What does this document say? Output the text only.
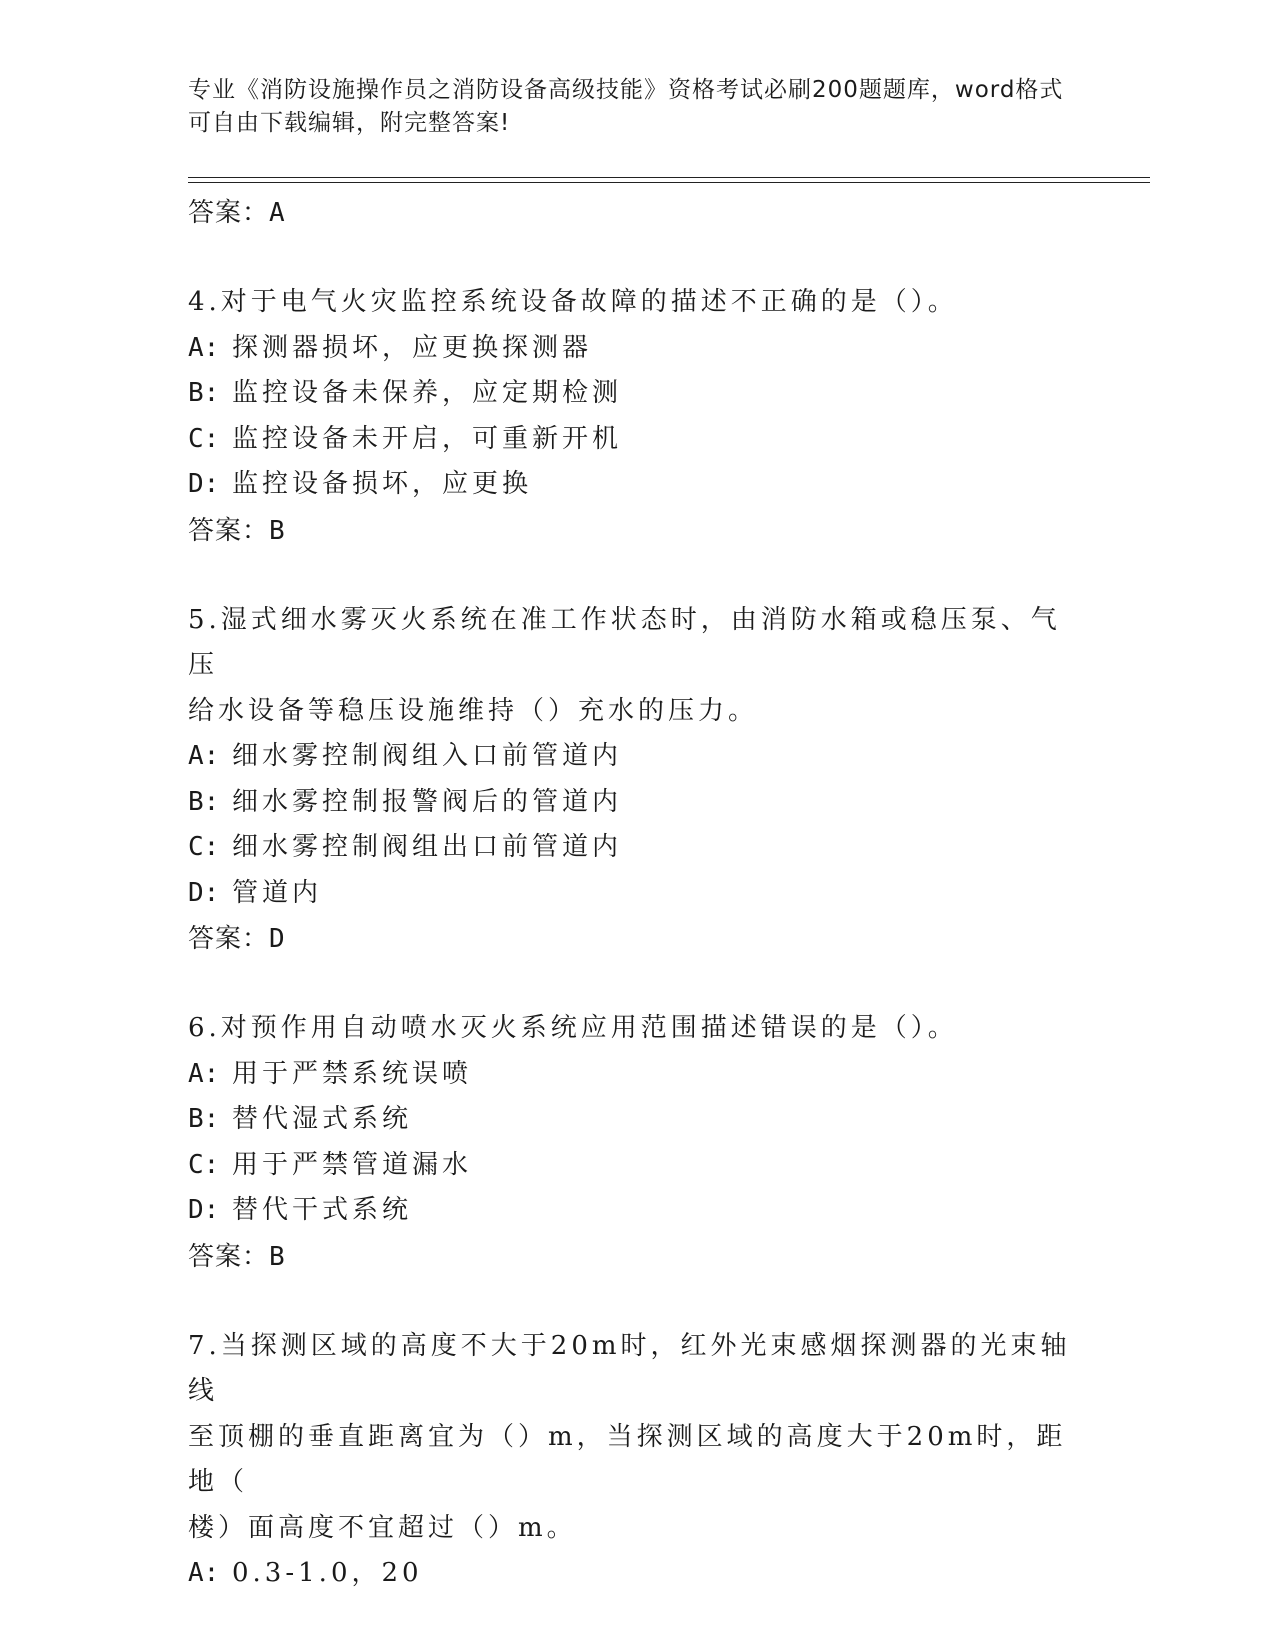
专业《消防设施操作员之消防设备高级技能》资格考试必刷200题题库，word格式可自由下载编辑，附完整答案!
答案：A
4.对于电气火灾监控系统设备故障的描述不正确的是（）。
A: 探测器损坏，应更换探测器
B: 监控设备未保养，应定期检测
C: 监控设备未开启，可重新开机
D: 监控设备损坏，应更换
答案：B
5.湿式细水雾灭火系统在准工作状态时，由消防水箱或稳压泵、气压
给水设备等稳压设施维持（）充水的压力。
A: 细水雾控制阀组入口前管道内
B: 细水雾控制报警阀后的管道内
C: 细水雾控制阀组出口前管道内
D: 管道内
答案：D
6.对预作用自动喷水灭火系统应用范围描述错误的是（）。
A: 用于严禁系统误喷
B: 替代湿式系统
C: 用于严禁管道漏水
D: 替代干式系统
答案：B
7.当探测区域的高度不大于20m时，红外光束感烟探测器的光束轴线
至顶棚的垂直距离宜为（）m，当探测区域的高度大于20m时，距地（
楼）面高度不宜超过（）m。
A: 0.3-1.0，20
